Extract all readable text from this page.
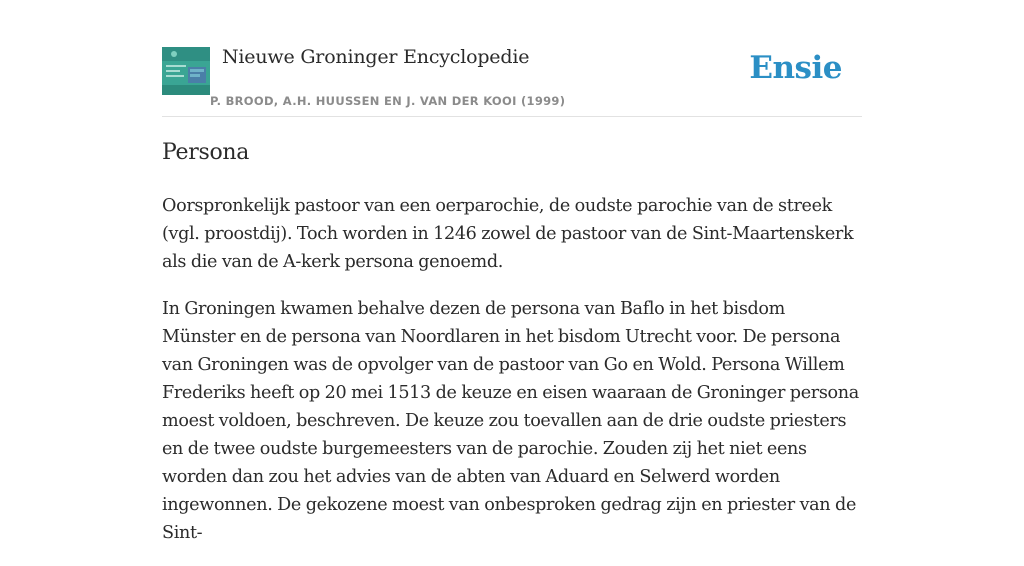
Nieuwe Groninger Encyclopedie
P. BROOD, A.H. HUUSSEN EN J. VAN DER KOOI (1999)
Ensie
Persona

Oorspronkelijk pastoor van een oerparochie, de oudste parochie van de streek (vgl. proostdij). Toch worden in 1246 zowel de pastoor van de Sint-Maartenskerk als die van de A-kerk persona genoemd.

In Groningen kwamen behalve dezen de persona van Baflo in het bisdom Münster en de persona van Noordlaren in het bisdom Utrecht voor. De persona van Groningen was de opvolger van de pastoor van Go en Wold. Persona Willem Frederiks heeft op 20 mei 1513 de keuze en eisen waaraan de Groninger persona moest voldoen, beschreven. De keuze zou toevallen aan de drie oudste priesters en de twee oudste burgemeesters van de parochie. Zouden zij het niet eens worden dan zou het advies van de abten van Aduard en Selwerd worden ingewonnen. De gekozene moest van onbesproken gedrag zijn en priester van de Sint-
